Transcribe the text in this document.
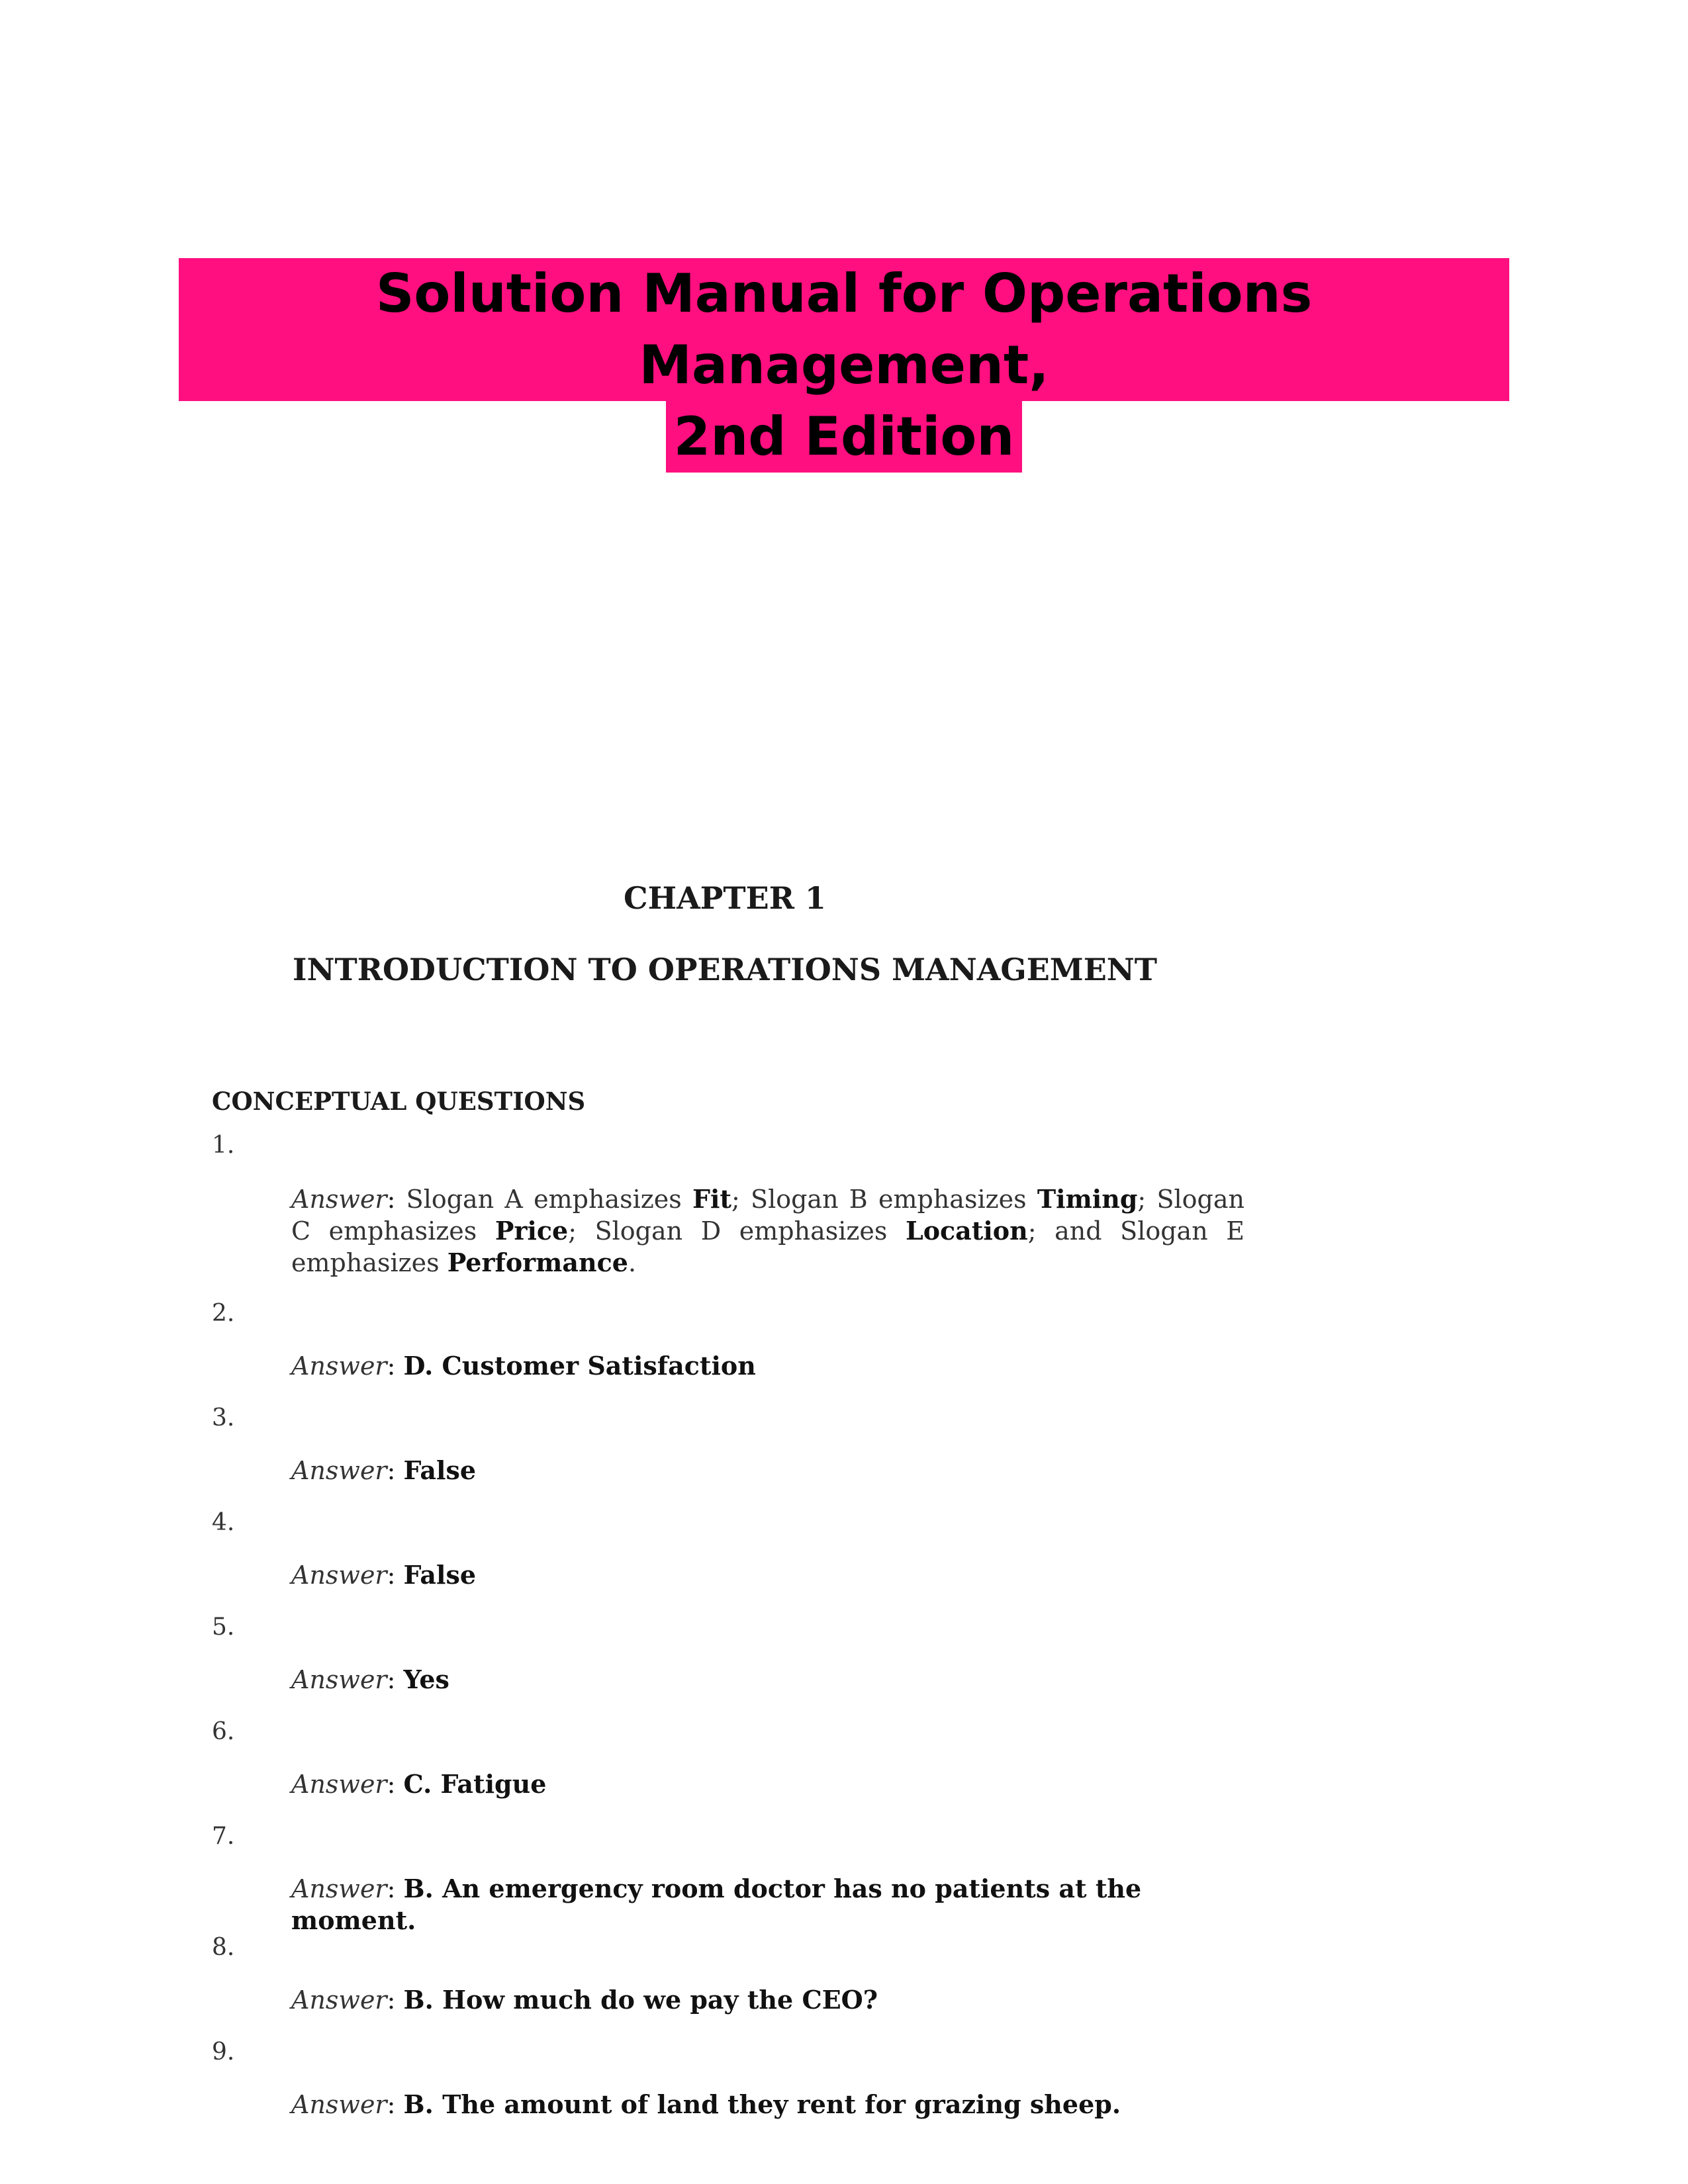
Solution Manual for Operations Management,
2nd Edition
CHAPTER 1
INTRODUCTION TO OPERATIONS MANAGEMENT
CONCEPTUAL QUESTIONS
1.
Answer: Slogan A emphasizes Fit; Slogan B emphasizes Timing; Slogan C emphasizes Price; Slogan D emphasizes Location; and Slogan E emphasizes Performance.
2.
Answer: D. Customer Satisfaction
3.
Answer: False
4.
Answer: False
5.
Answer: Yes
6.
Answer: C. Fatigue
7.
Answer: B. An emergency room doctor has no patients at the moment.
8.
Answer: B. How much do we pay the CEO?
9.
Answer: B. The amount of land they rent for grazing sheep.
